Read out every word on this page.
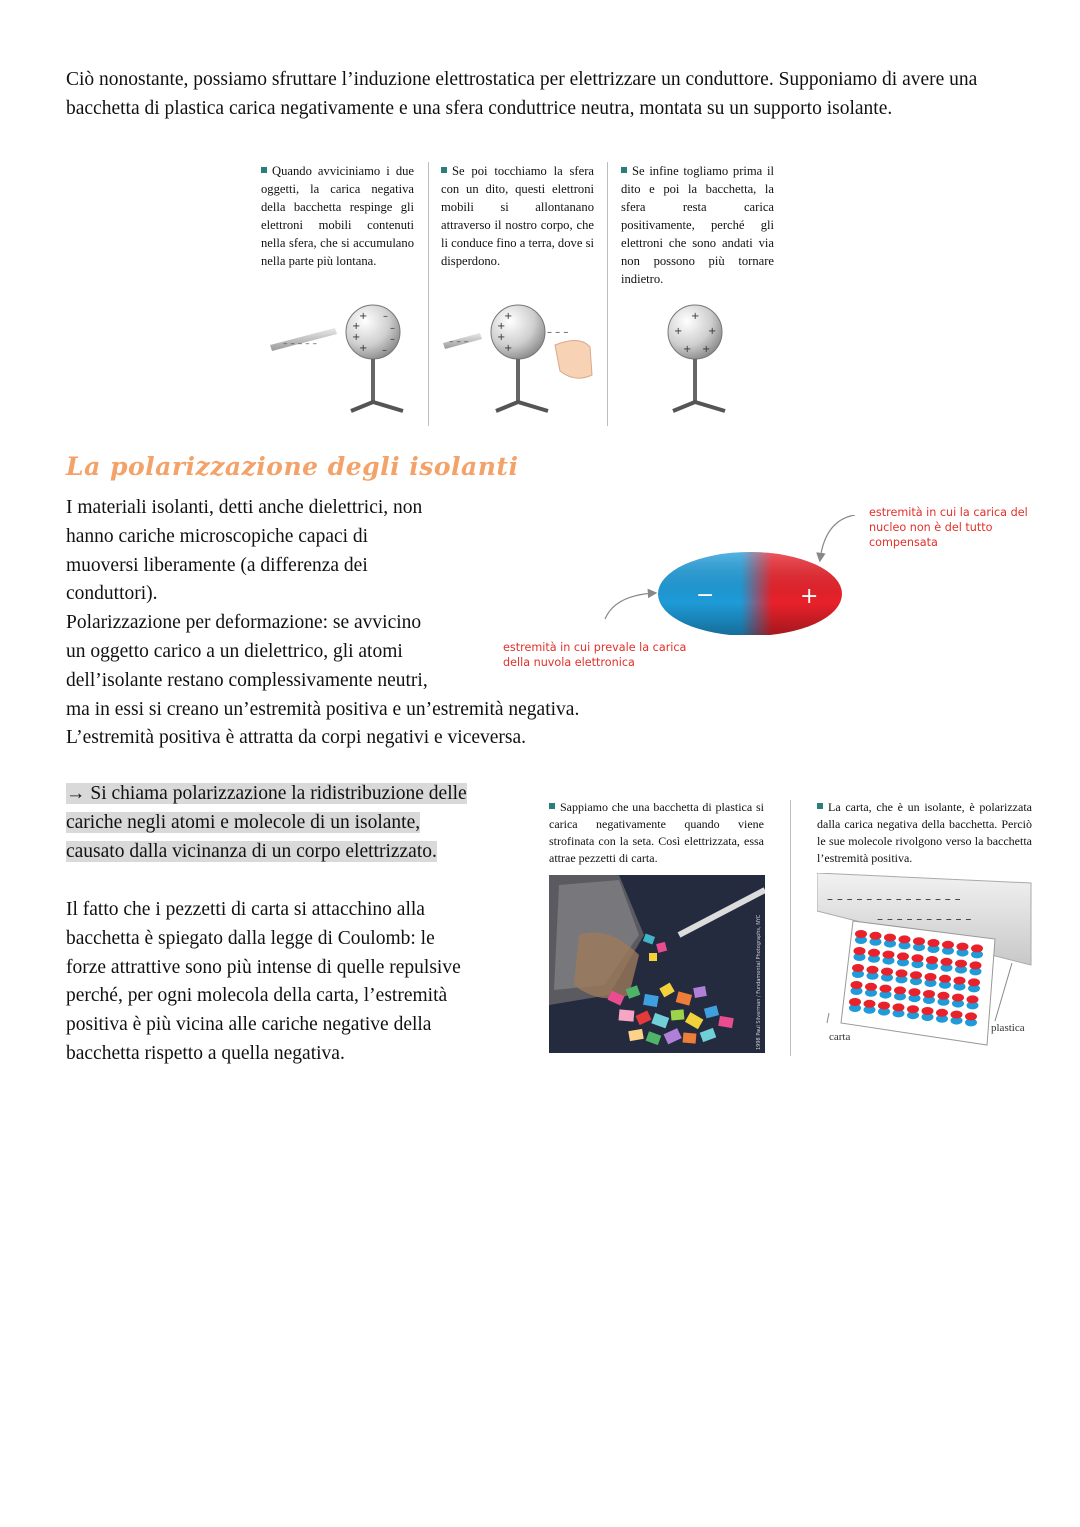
Ciò nonostante, possiamo sfruttare l’induzione elettrostatica per elettrizzare un conduttore. Supponiamo di avere una bacchetta di plastica carica negativamente e una sfera conduttrice neutra, montata su un supporto isolante.

Quando avviciniamo i due oggetti, la carica negativa della bacchetta respinge gli elettroni mobili contenuti nella sfera, che si accumulano nella parte più lontana.
Se poi tocchiamo la sfera con un dito, questi elettroni mobili si allontanano attraverso il nostro corpo, che li conduce fino a terra, dove si disperdono.
Se infine togliamo prima il dito e poi la bacchetta, la sfera resta carica positivamente, perché gli elettroni che sono andati via non possono più tornare indietro.
– – – – –
+
+
+
+
–
–
–
–
– – –
+
+
+
+
– – –
+
+	+
+ +
La polarizzazione degli isolanti
I materiali isolanti, detti anche dielettrici, non
hanno cariche microscopiche capaci di
muoversi liberamente (a differenza dei
conduttori).
Polarizzazione per deformazione: se avvicino
un oggetto carico a un dielettrico, gli atomi
dell’isolante restano complessivamente neutri,
ma in essi si creano un’estremità positiva e un’estremità negativa.
L’estremità positiva è attratta da corpi negativi e viceversa.
−	+
estremità in cui la carica del nucleo non è del tutto compensata
estremità in cui prevale la carica della nuvola elettronica
→ Si chiama polarizzazione la ridistribuzione delle
cariche negli atomi e molecole di un isolante,
causato dalla vicinanza di un corpo elettrizzato.
Il fatto che i pezzetti di carta si attacchino alla
bacchetta è spiegato dalla legge di Coulomb: le
forze attrattive sono più intense di quelle repulsive
perché, per ogni molecola della carta, l’estremità
positiva è più vicina alle cariche negative della
bacchetta rispetto a quella negativa.
Sappiamo che una bacchetta di plastica si carica negativamente quando viene strofinata con la seta. Così elettrizzata, essa attrae pezzetti di carta.
La carta, che è un isolante, è polarizzata dalla carica negativa della bacchetta. Perciò le sue molecole rivolgono verso la bacchetta l’estremità positiva.
1998 Paul Silverman / Fundamental Photographs, NYC
– – – – – – – – – – – – – –
– – – – – – – – – –
carta
plastica
